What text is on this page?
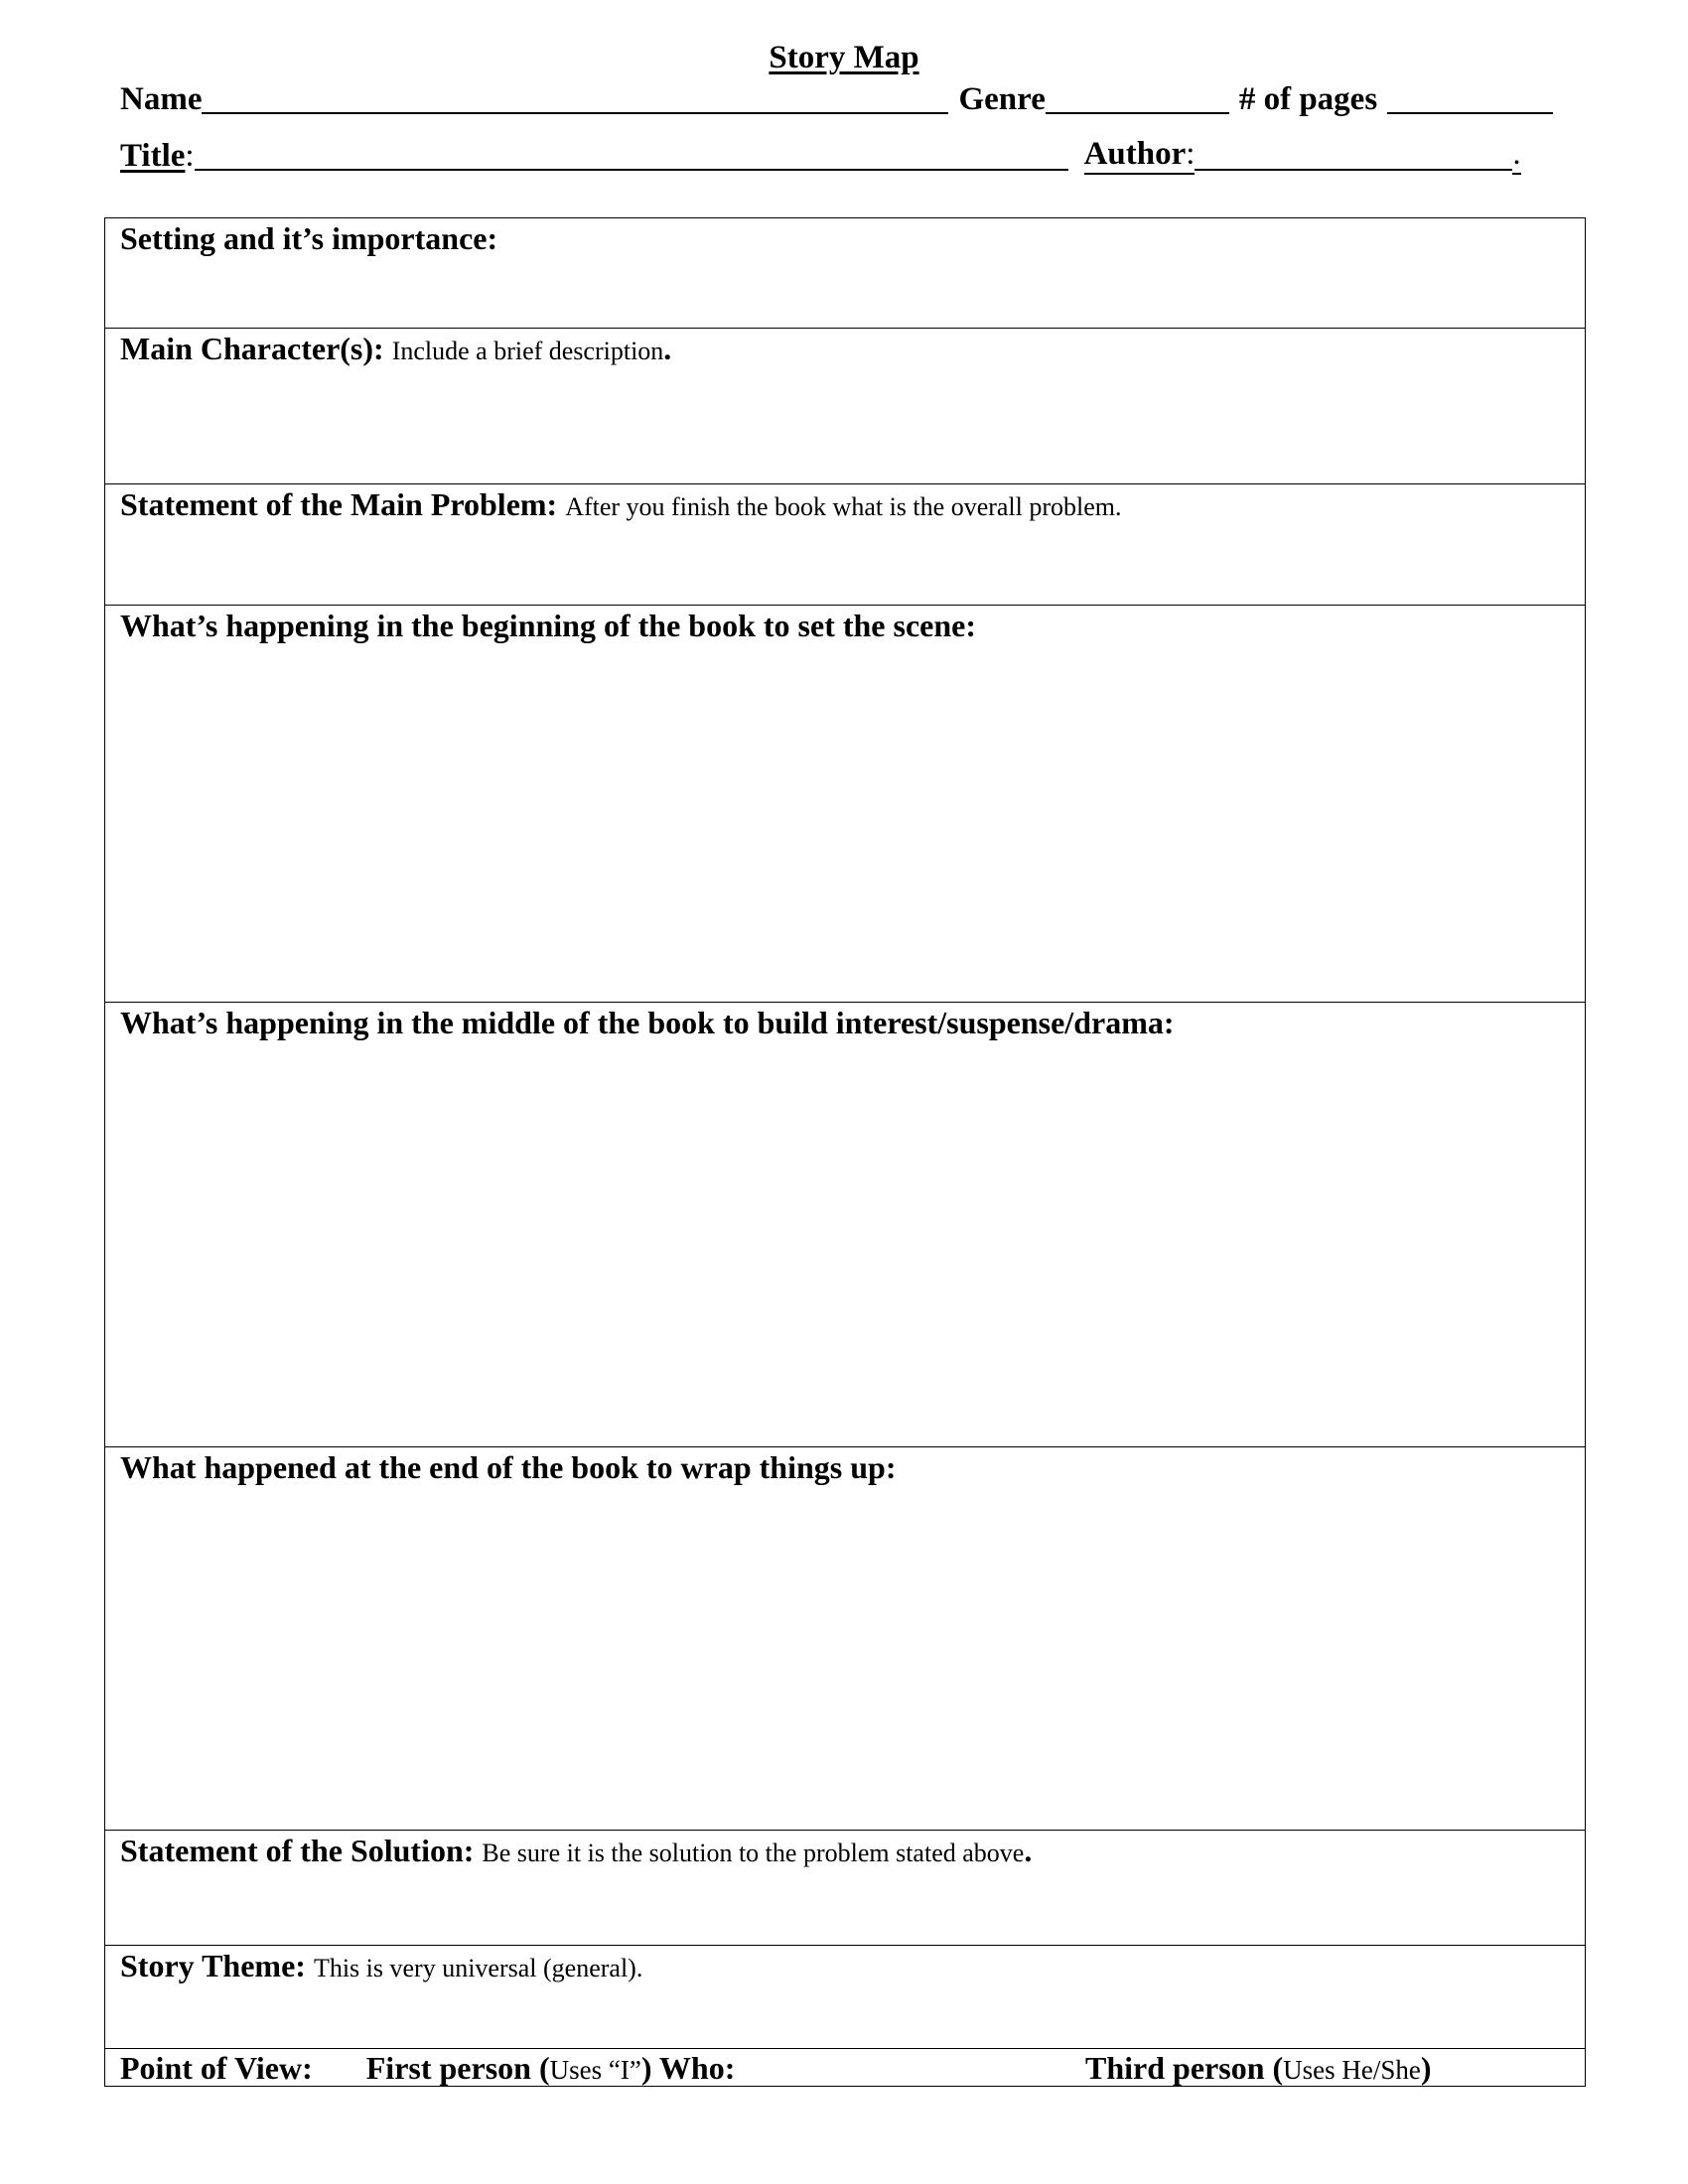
Story Map
Name	Genre	# of pages
Title :	Author :	.
Setting and it’s importance:
Main Character(s): Include a brief description.
Statement of the Main Problem: After you finish the book what is the overall problem.
What’s happening in the beginning of the book to set the scene:
What’s happening in the middle of the book to build interest/suspense/drama:
What happened at the end of the book to wrap things up:
Statement of the Solution: Be sure it is the solution to the problem stated above.
Story Theme: This is very universal (general).
Point of View: First person (Uses “I”) Who:	Third person (Uses He/She)
